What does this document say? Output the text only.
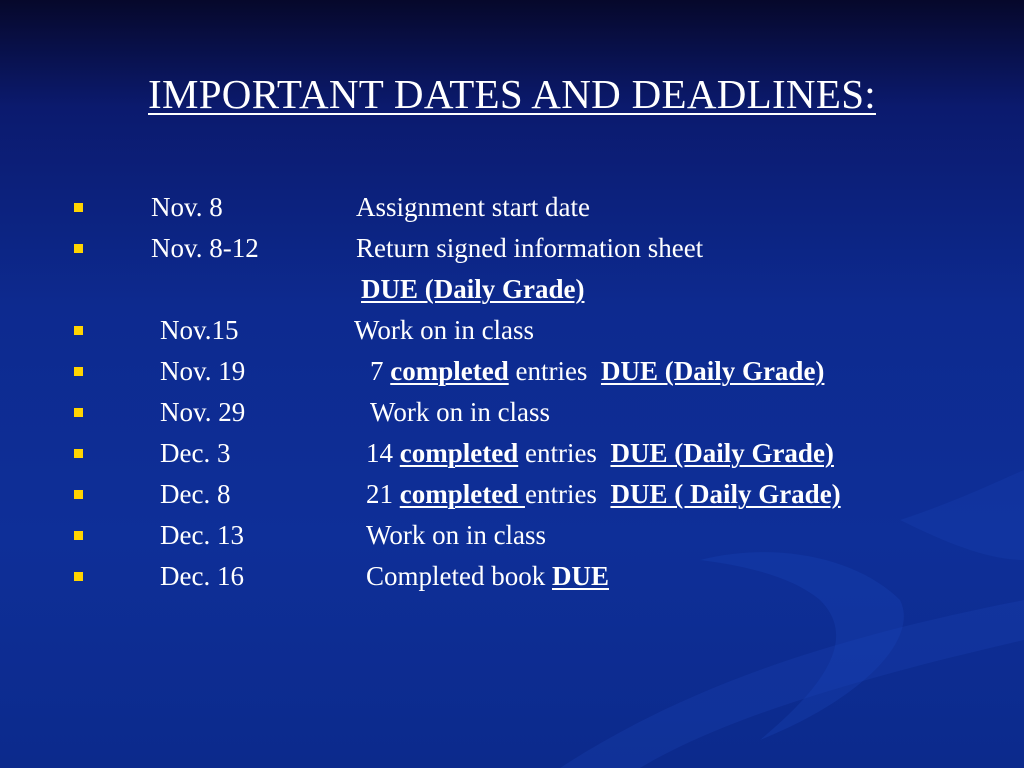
IMPORTANT DATES AND DEADLINES:
Nov. 8	Assignment start date
Nov. 8-12	Return signed information sheet
DUE (Daily Grade)
Nov.15	Work on in class
Nov. 19	7 completed entries DUE (Daily Grade)
Nov. 29	Work on in class
Dec. 3	14 completed entries DUE (Daily Grade)
Dec. 8	21 completed entries DUE ( Daily Grade)
Dec. 13	Work on in class
Dec. 16	Completed book DUE
